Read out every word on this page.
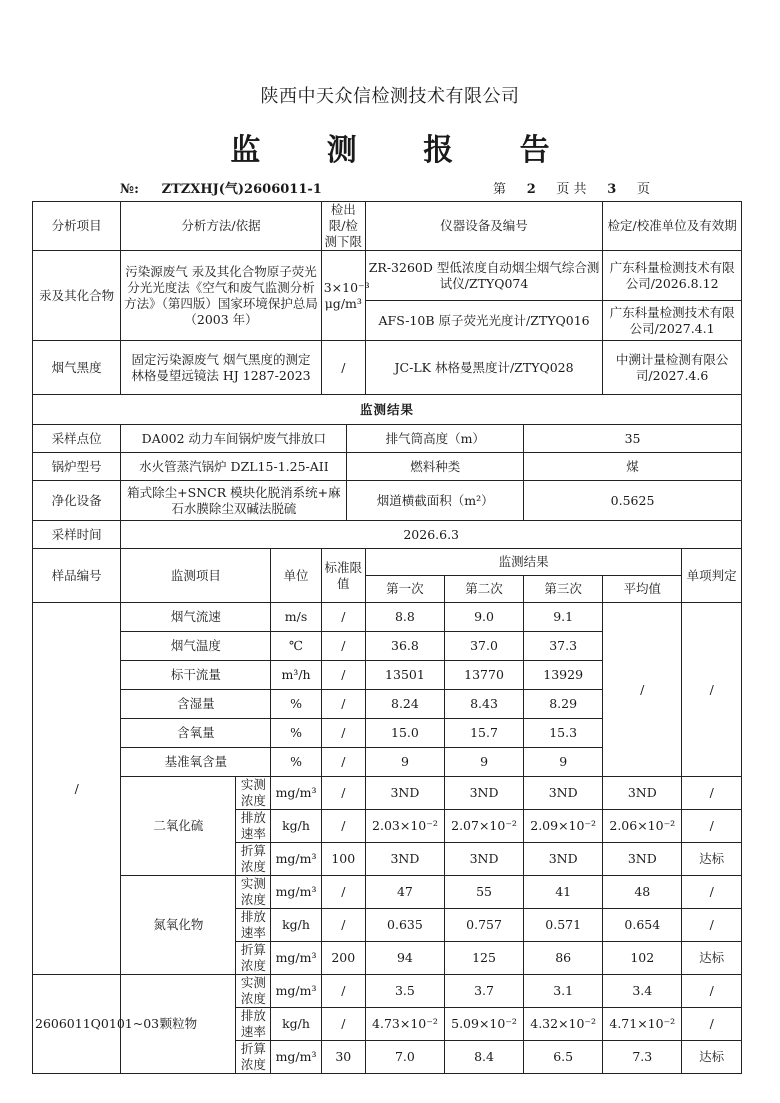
陕西中天众信检测技术有限公司
监 测 报 告
№: ZTZXHJ(气)2606011-1	第 2 页 共 3 页
分析项目	分析方法/依据			检出限/检测下限		仪器设备及编号			检定/校准单位及有效期	
汞及其化合物	污染源废气 汞及其化合物原子荧光分光光度法《空气和废气监测分析方法》（第四版）国家环境保护总局（2003 年）			3×10⁻³ μg/m³		ZR-3260D 型低浓度自动烟尘烟气综合测试仪/ZTYQ074			广东科量检测技术有限公司/2026.8.12	
						AFS-10B 原子荧光光度计/ZTYQ016			广东科量检测技术有限公司/2027.4.1	
烟气黑度	固定污染源废气 烟气黑度的测定 林格曼望远镜法 HJ 1287-2023			/		JC-LK 林格曼黑度计/ZTYQ028			中溯计量检测有限公司/2027.4.6	
监测结果										
采样点位	DA002 动力车间锅炉废气排放口				排气筒高度（m）			35		
锅炉型号	水火管蒸汽锅炉 DZL15-1.25-AII				燃料种类			煤		
净化设备	箱式除尘+SNCR 模块化脱消系统+麻石水膜除尘双碱法脱硫				烟道横截面积（m²）			0.5625		
采样时间	2026.6.3									
样品编号	监测项目		单位	标准限值		监测结果				单项判定
						第一次	第二次	第三次	平均值	
/	烟气流速		m/s	/		8.8	9.0	9.1	/	/
	烟气温度		℃	/		36.8	37.0	37.3		
	标干流量		m³/h	/		13501	13770	13929		
	含湿量		%	/		8.24	8.43	8.29		
	含氧量		%	/		15.0	15.7	15.3		
	基准氧含量		%	/		9	9	9		
	二氧化硫	实测浓度	mg/m³	/		3ND	3ND	3ND	3ND	/
		排放速率	kg/h	/		2.03×10⁻²	2.07×10⁻²	2.09×10⁻²	2.06×10⁻²	/
		折算浓度	mg/m³	100		3ND	3ND	3ND	3ND	达标
	氮氧化物	实测浓度	mg/m³	/		47	55	41	48	/
		排放速率	kg/h	/		0.635	0.757	0.571	0.654	/
		折算浓度	mg/m³	200		94	125	86	102	达标
2606011Q0101~03	颗粒物	实测浓度	mg/m³	/		3.5	3.7	3.1	3.4	/
		排放速率	kg/h	/		4.73×10⁻²	5.09×10⁻²	4.32×10⁻²	4.71×10⁻²	/
		折算浓度	mg/m³	30		7.0	8.4	6.5	7.3	达标
